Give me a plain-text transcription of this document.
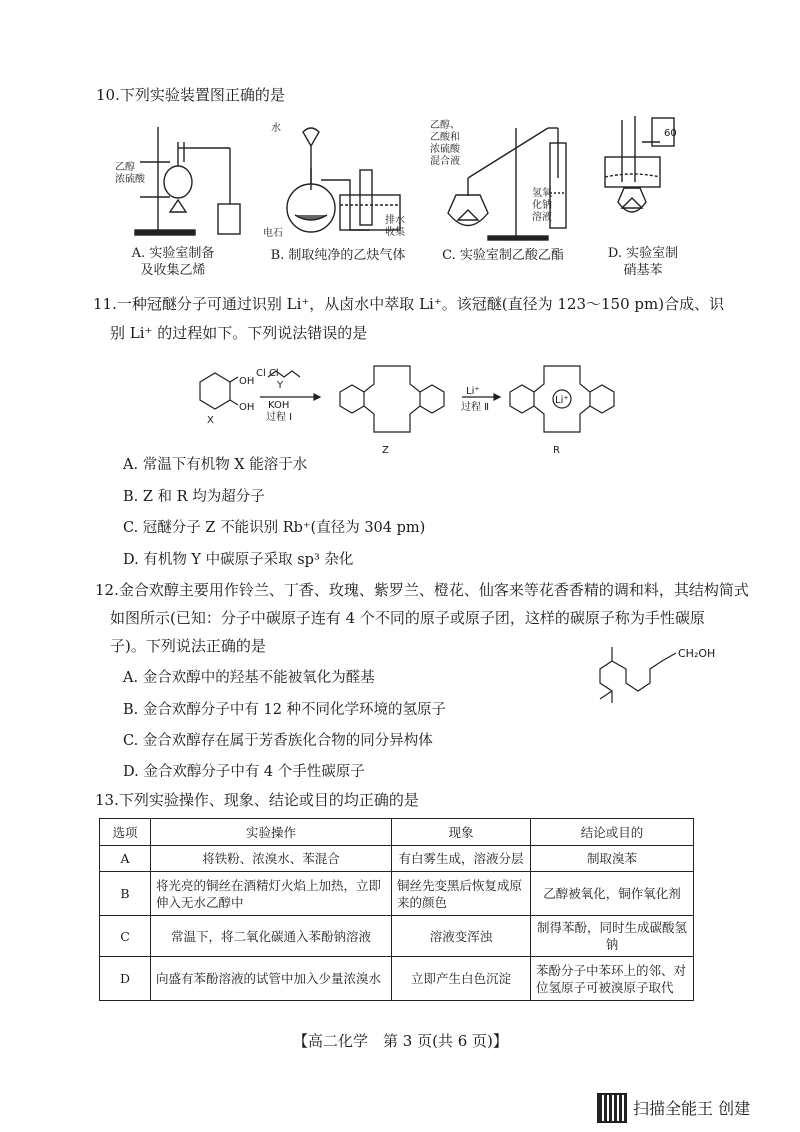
10.下列实验装置图正确的是
乙醇
浓硫酸
A. 实验室制备
及收集乙烯
水
电石
排水
收集
B. 制取纯净的乙炔气体
乙醇、
乙酸和
浓硫酸
混合液
氢氧
化钠
溶液
C. 实验室制乙酸乙酯
60
D. 实验室制
硝基苯
11.一种冠醚分子可通过识别 Li⁺，从卤水中萃取 Li⁺。该冠醚(直径为 123～150 pm)合成、识
别 Li⁺ 的过程如下。下列说法错误的是
OH
OH
X
Cl Cl
Y
KOH
过程 Ⅰ
Z
Li⁺
过程 Ⅱ
Li⁺
R
A. 常温下有机物 X 能溶于水
B. Z 和 R 均为超分子
C. 冠醚分子 Z 不能识别 Rb⁺(直径为 304 pm)
D. 有机物 Y 中碳原子采取 sp³ 杂化
12.金合欢醇主要用作铃兰、丁香、玫瑰、紫罗兰、橙花、仙客来等花香香精的调和料，其结构简式
如图所示(已知：分子中碳原子连有 4 个不同的原子或原子团，这样的碳原子称为手性碳原
子)。下列说法正确的是	CH₂OH
A. 金合欢醇中的羟基不能被氧化为醛基
B. 金合欢醇分子中有 12 种不同化学环境的氢原子
C. 金合欢醇存在属于芳香族化合物的同分异构体
D. 金合欢醇分子中有 4 个手性碳原子
13.下列实验操作、现象、结论或目的均正确的是
选项	实验操作	现象	结论或目的
A	将铁粉、浓溴水、苯混合	有白雾生成，溶液分层	制取溴苯
B	将光亮的铜丝在酒精灯火焰上加热，立即伸入无水乙醇中	铜丝先变黑后恢复成原来的颜色	乙醇被氧化，铜作氧化剂
C	常温下，将二氧化碳通入苯酚钠溶液	溶液变浑浊	制得苯酚，同时生成碳酸氢钠
D	向盛有苯酚溶液的试管中加入少量浓溴水	立即产生白色沉淀	苯酚分子中苯环上的邻、对位氢原子可被溴原子取代
【高二化学　第 3 页(共 6 页)】
扫描全能王 创建
